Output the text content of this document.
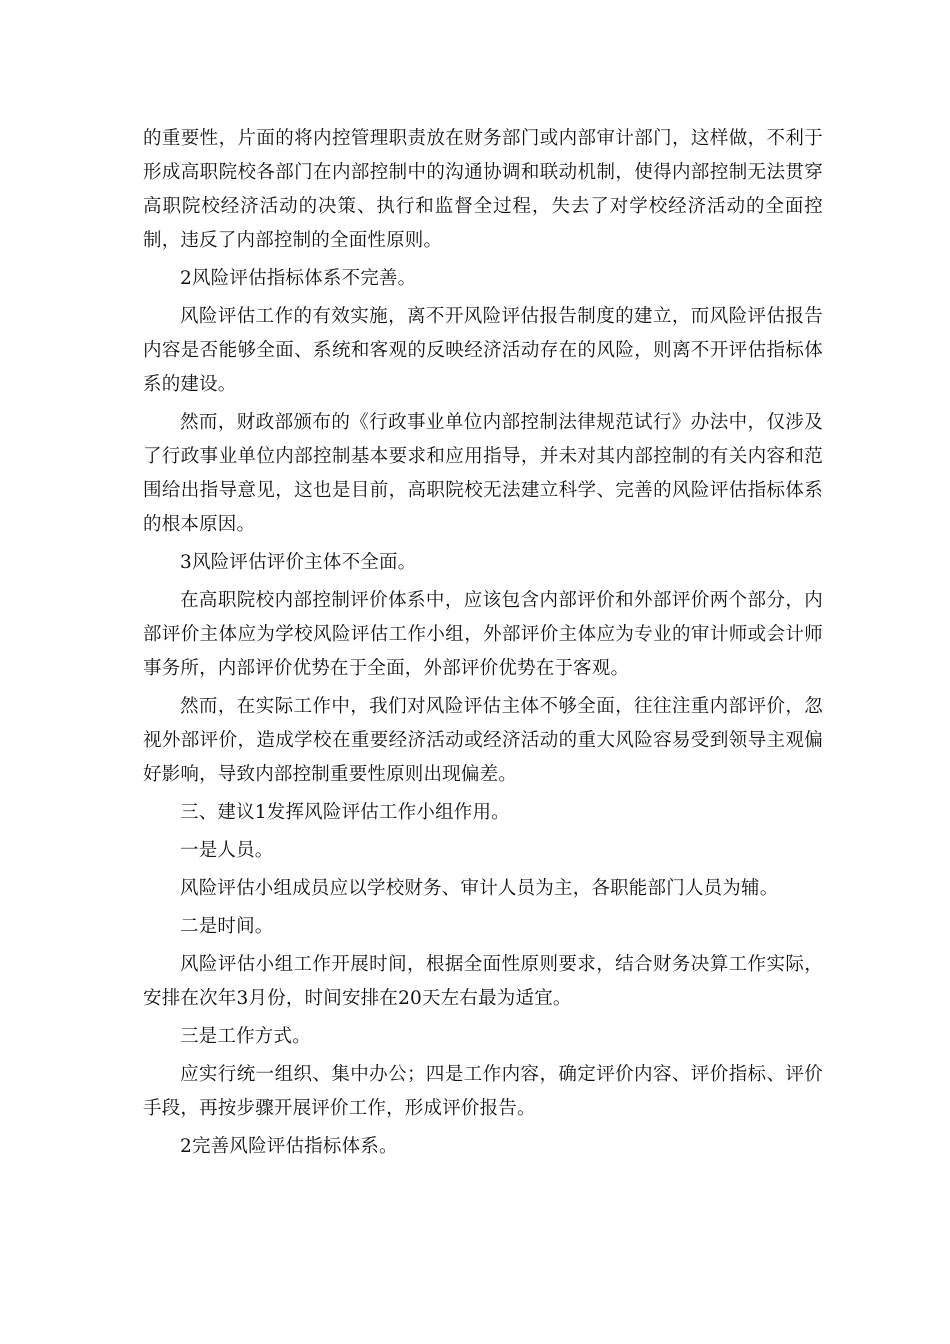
的重要性，片面的将内控管理职责放在财务部门或内部审计部门，这样做，不利于形成高职院校各部门在内部控制中的沟通协调和联动机制，使得内部控制无法贯穿高职院校经济活动的决策、执行和监督全过程，失去了对学校经济活动的全面控制，违反了内部控制的全面性原则。

2风险评估指标体系不完善。

风险评估工作的有效实施，离不开风险评估报告制度的建立，而风险评估报告内容是否能够全面、系统和客观的反映经济活动存在的风险，则离不开评估指标体系的建设。

然而，财政部颁布的《行政事业单位内部控制法律规范试行》办法中，仅涉及了行政事业单位内部控制基本要求和应用指导，并未对其内部控制的有关内容和范围给出指导意见，这也是目前，高职院校无法建立科学、完善的风险评估指标体系的根本原因。

3风险评估评价主体不全面。

在高职院校内部控制评价体系中，应该包含内部评价和外部评价两个部分，内部评价主体应为学校风险评估工作小组，外部评价主体应为专业的审计师或会计师事务所，内部评价优势在于全面，外部评价优势在于客观。

然而，在实际工作中，我们对风险评估主体不够全面，往往注重内部评价，忽视外部评价，造成学校在重要经济活动或经济活动的重大风险容易受到领导主观偏好影响，导致内部控制重要性原则出现偏差。

三、建议1发挥风险评估工作小组作用。

一是人员。

风险评估小组成员应以学校财务、审计人员为主，各职能部门人员为辅。

二是时间。

风险评估小组工作开展时间，根据全面性原则要求，结合财务决算工作实际，安排在次年3月份，时间安排在20天左右最为适宜。

三是工作方式。

应实行统一组织、集中办公；四是工作内容，确定评价内容、评价指标、评价手段，再按步骤开展评价工作，形成评价报告。

2完善风险评估指标体系。
